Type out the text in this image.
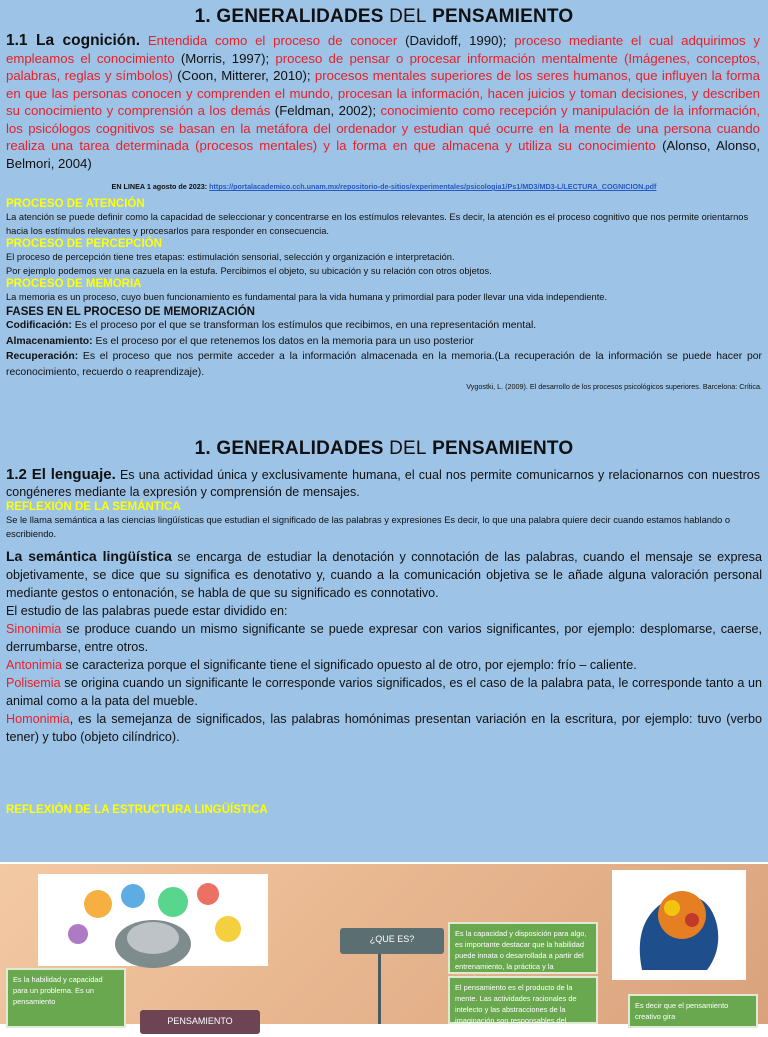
1. GENERALIDADES DEL PENSAMIENTO

1.1 La cognición. Entendida como el proceso de conocer (Davidoff, 1990); proceso mediante el cual adquirimos y empleamos el conocimiento (Morris, 1997); proceso de pensar o procesar información mentalmente (Imágenes, conceptos, palabras, reglas y símbolos) (Coon, Mitterer, 2010); procesos mentales superiores de los seres humanos, que influyen la forma en que las personas conocen y comprenden el mundo, procesan la información, hacen juicios y toman decisiones, y describen su conocimiento y comprensión a los demás (Feldman, 2002); conocimiento como recepción y manipulación de la información, los psicólogos cognitivos se basan en la metáfora del ordenador y estudian qué ocurre en la mente de una persona cuando realiza una tarea determinada (procesos mentales) y la forma en que almacena y utiliza su conocimiento (Alonso, Alonso, Belmori, 2004)

EN LINEA 1 agosto de 2023: https://portalacademico.cch.unam.mx/repositorio-de-sitios/experimentales/psicologia1/Ps1/MD3/MD3-L/LECTURA_COGNICION.pdf
PROCESO DE ATENCIÓN
La atención se puede definir como la capacidad de seleccionar y concentrarse en los estímulos relevantes. Es decir, la atención es el proceso cognitivo que nos permite orientarnos hacia los estímulos relevantes y procesarlos para responder en consecuencia.
PROCESO DE PERCEPCIÓN
El proceso de percepción tiene tres etapas: estimulación sensorial, selección y organización e interpretación.
Por ejemplo podemos ver una cazuela en la estufa. Percibimos el objeto, su ubicación y su relación con otros objetos.
PROCESO DE MEMORIA
La memoria es un proceso, cuyo buen funcionamiento es fundamental para la vida humana y primordial para poder llevar una vida independiente.
FASES EN EL PROCESO DE MEMORIZACIÓN
Codificación: Es el proceso por el que se transforman los estímulos que recibimos, en una representación mental.
Almacenamiento: Es el proceso por el que retenemos los datos en la memoria para un uso posterior
Recuperación: Es el proceso que nos permite acceder a la información almacenada en la memoria.(La recuperación de la información se puede hacer por reconocimiento, recuerdo o reaprendizaje).
Vygostki, L. (2009). El desarrollo de los procesos psicológicos superiores. Barcelona: Crítica.
1. GENERALIDADES DEL PENSAMIENTO

1.2 El lenguaje. Es una actividad única y exclusivamente humana, el cual nos permite comunicarnos y relacionarnos con nuestros congéneres mediante la expresión y comprensión de mensajes.

REFLEXIÓN DE LA SEMÁNTICA
Se le llama semántica a las ciencias lingüísticas que estudian el significado de las palabras y expresiones Es decir, lo que una palabra quiere decir cuando estamos hablando o escribiendo.

La semántica lingüística se encarga de estudiar la denotación y connotación de las palabras, cuando el mensaje se expresa objetivamente, se dice que su significa es denotativo y, cuando a la comunicación objetiva se le añade alguna valoración personal mediante gestos o entonación, se habla de que su significado es connotativo.

El estudio de las palabras puede estar dividido en:

Sinonimia se produce cuando un mismo significante se puede expresar con varios significantes, por ejemplo: desplomarse, caerse, derrumbarse, entre otros.

Antonimia se caracteriza porque el significante tiene el significado opuesto al de otro, por ejemplo: frío – caliente.

Polisemia se origina cuando un significante le corresponde varios significados, es el caso de la palabra pata, le corresponde tanto a un animal como a la pata del mueble.

Homonimia, es la semejanza de significados, las palabras homónimas presentan variación en la escritura, por ejemplo: tuvo (verbo tener) y tubo (objeto cilíndrico).

REFLEXIÓN DE LA ESTRUCTURA LINGÜÍSTICA
¿QUE ES?
PENSAMIENTO
Es la habilidad y capacidad para un problema. Es un pensamiento
Es la capacidad y disposición para algo, es importante destacar que la habilidad puede innata o desarrollada a partir del entrenamiento, la práctica y la
El pensamiento es el producto de la mente. Las actividades racionales de intelecto y las abstracciones de la imaginación son responsables del pensamiento
Es decir que el pensamiento creativo gira
